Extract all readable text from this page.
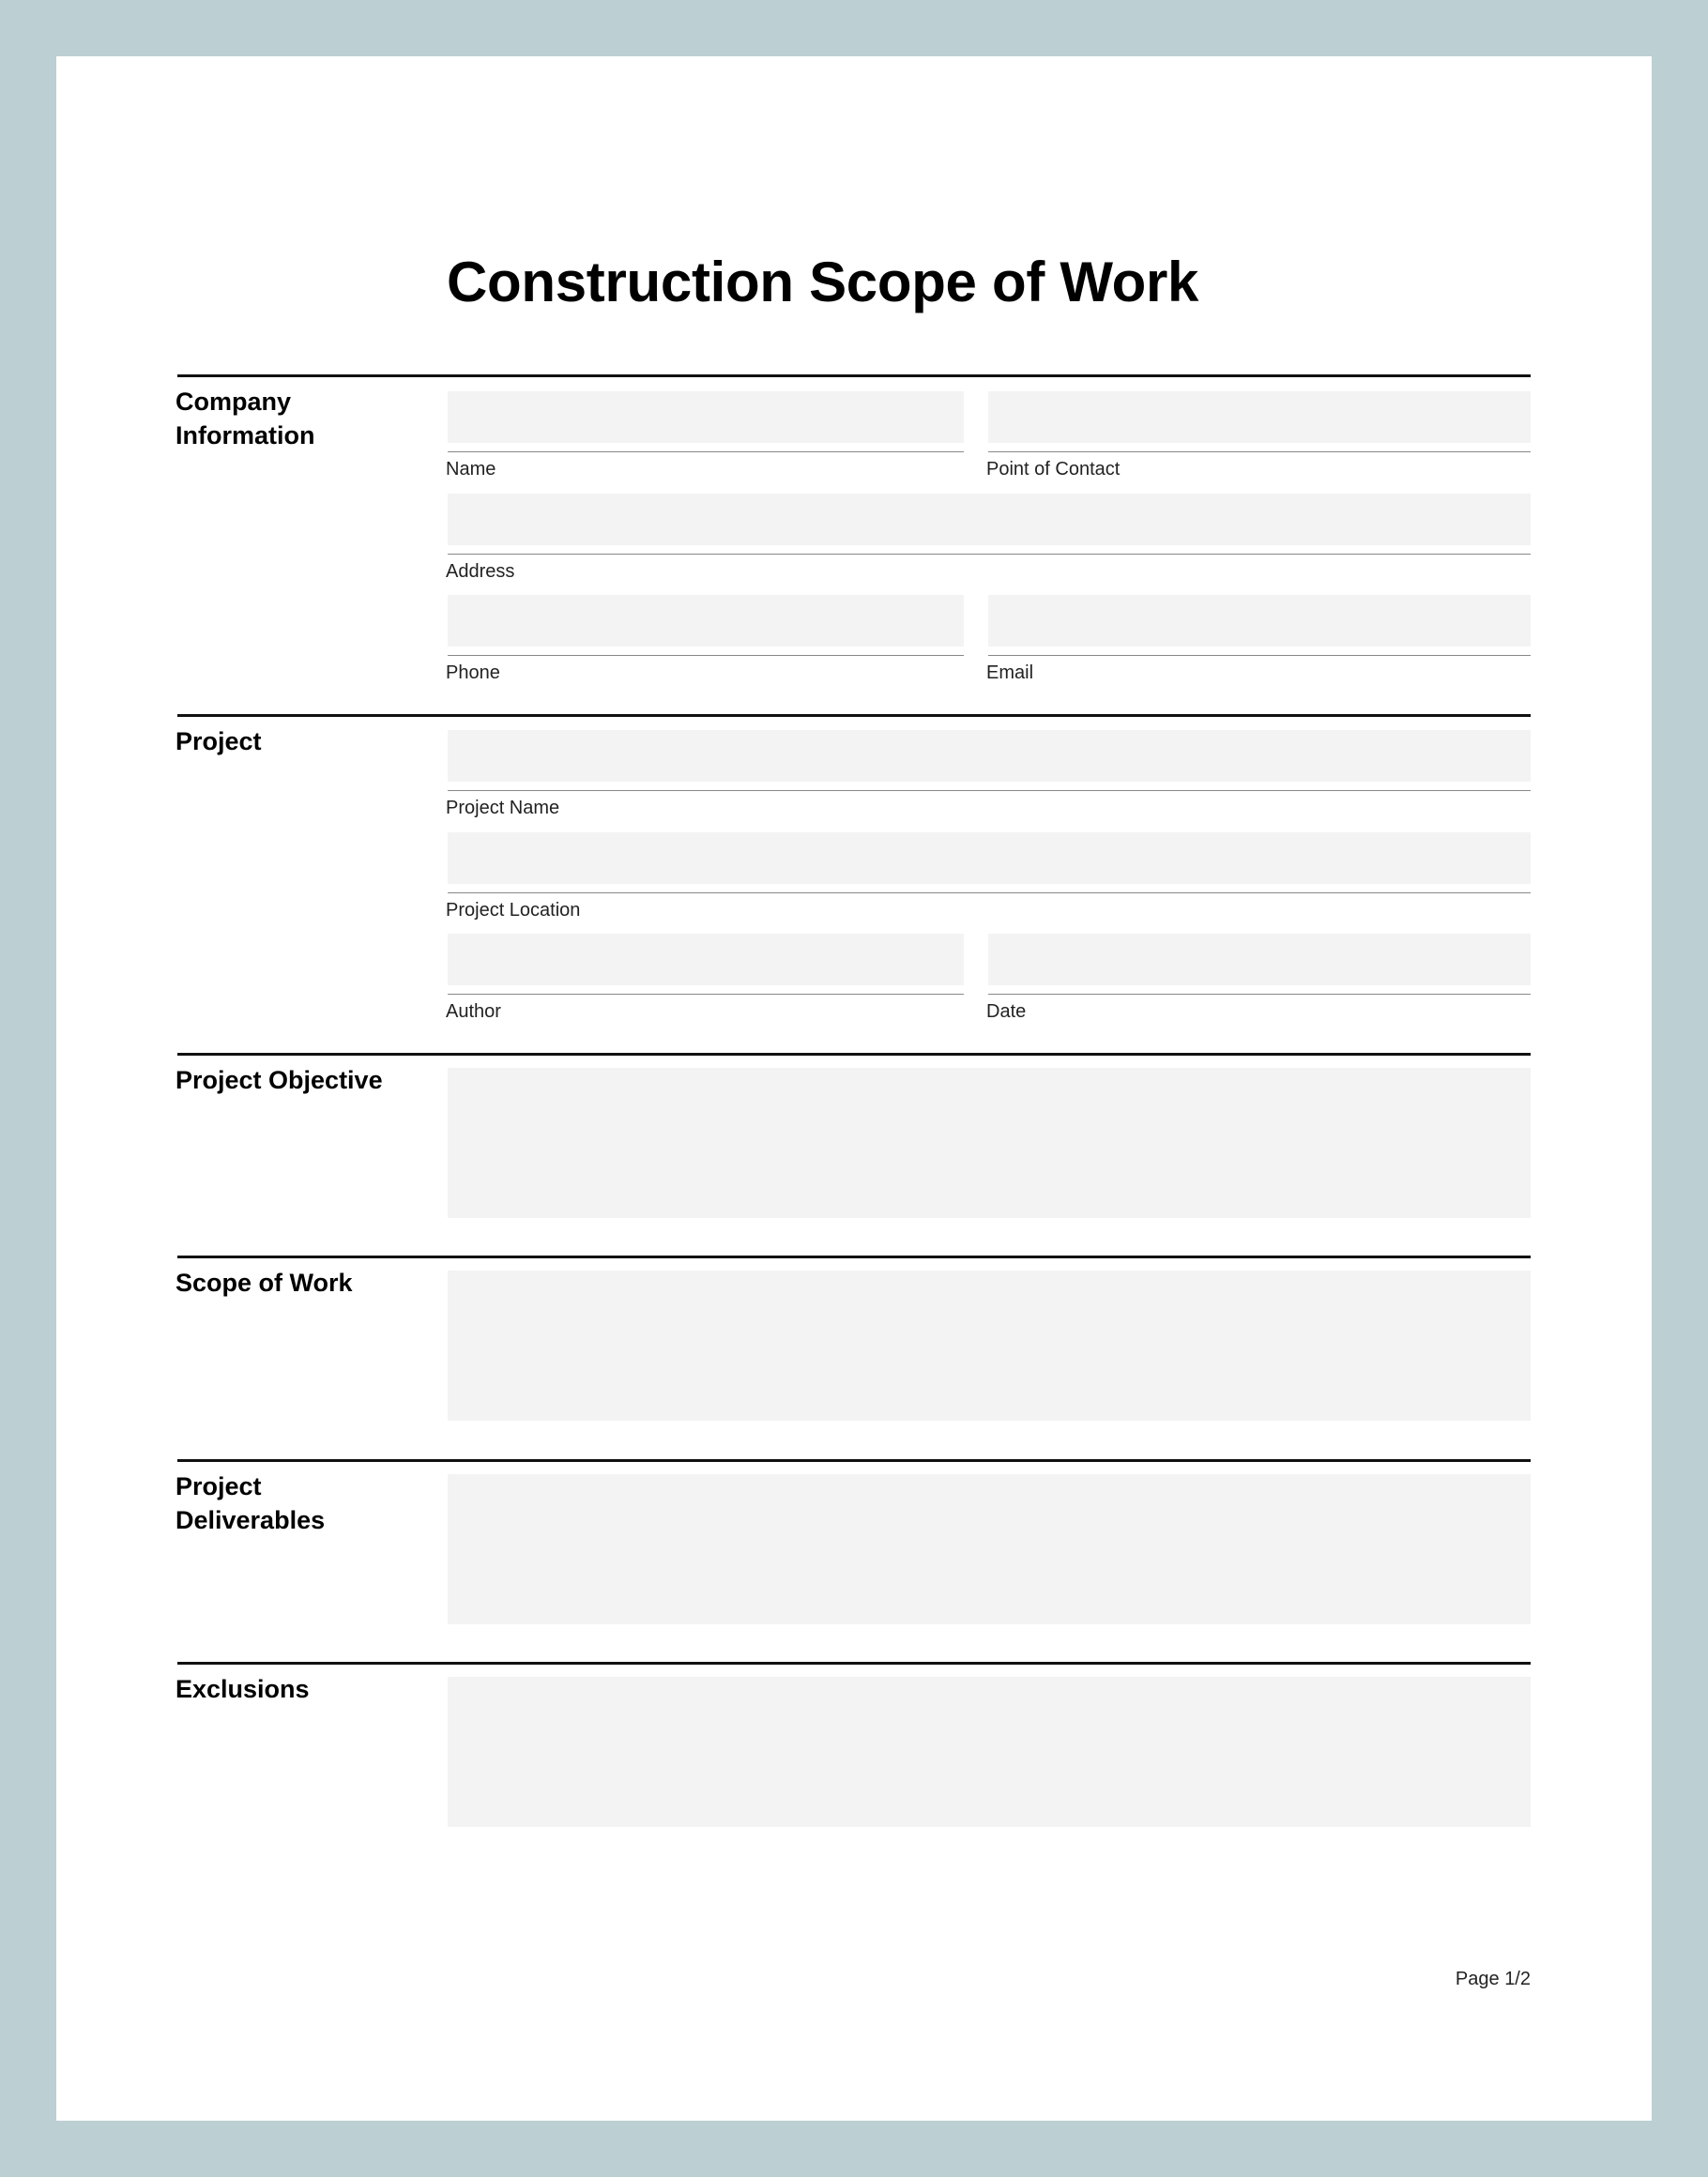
Construction Scope of Work
Company
Information
Name	Point of Contact
Address
Phone	Email
Project
Project Name
Project Location
Author	Date
Project Objective
Scope of Work
Project
Deliverables
Exclusions
Page 1/2
